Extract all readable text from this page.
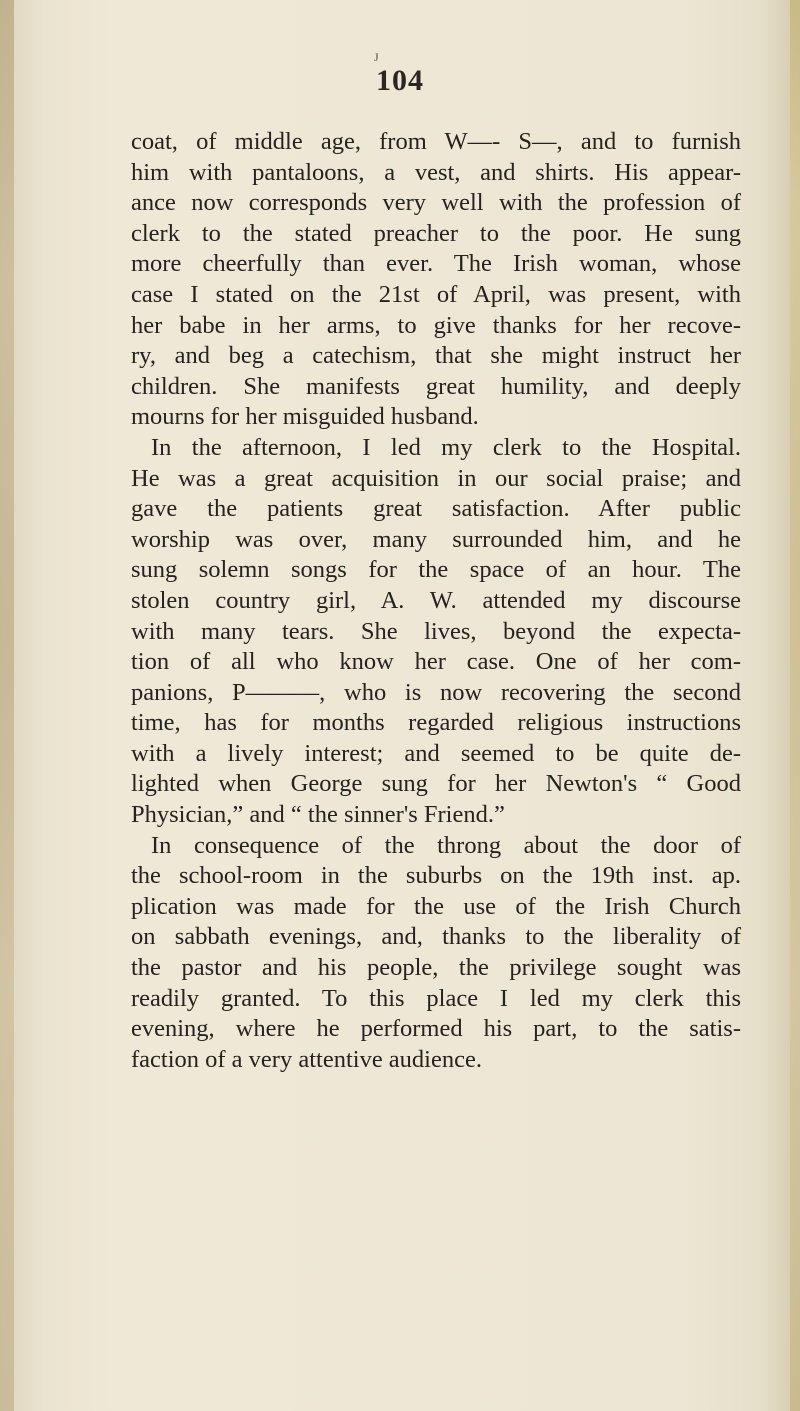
J
104
coat, of middle age, from W—- S—, and to furnish
him with pantaloons, a vest, and shirts. His appear-
ance now corresponds very well with the profession of
clerk to the stated preacher to the poor. He sung
more cheerfully than ever. The Irish woman, whose
case I stated on the 21st of April, was present, with
her babe in her arms, to give thanks for her recove-
ry, and beg a catechism, that she might instruct her
children. She manifests great humility, and deeply
mourns for her misguided husband.
In the afternoon, I led my clerk to the Hospital.
He was a great acquisition in our social praise; and
gave the patients great satisfaction. After public
worship was over, many surrounded him, and he
sung solemn songs for the space of an hour. The
stolen country girl, A. W. attended my discourse
with many tears. She lives, beyond the expecta-
tion of all who know her case. One of her com-
panions, P———, who is now recovering the second
time, has for months regarded religious instructions
with a lively interest; and seemed to be quite de-
lighted when George sung for her Newton's “ Good
Physician,” and “ the sinner's Friend.”
In consequence of the throng about the door of
the school-room in the suburbs on the 19th inst. ap.
plication was made for the use of the Irish Church
on sabbath evenings, and, thanks to the liberality of
the pastor and his people, the privilege sought was
readily granted. To this place I led my clerk this
evening, where he performed his part, to the satis-
faction of a very attentive audience.
